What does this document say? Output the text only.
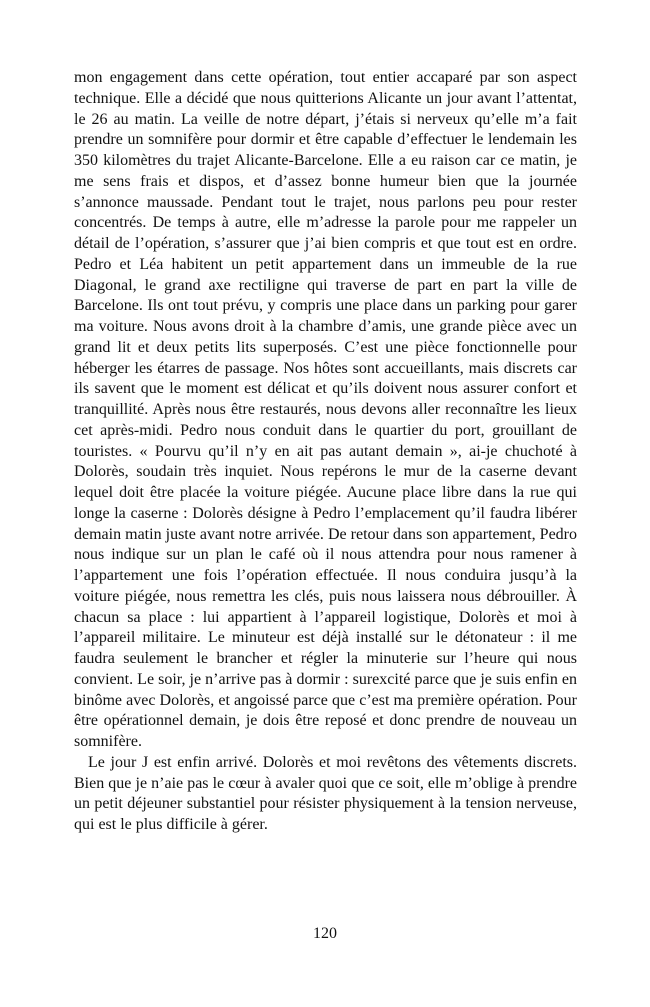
mon engagement dans cette opération, tout entier accaparé par son aspect technique. Elle a décidé que nous quitterions Alicante un jour avant l’attentat, le 26 au matin. La veille de notre départ, j’étais si nerveux qu’elle m’a fait prendre un somnifère pour dormir et être capable d’effectuer le lendemain les 350 kilomètres du trajet Alicante-Barcelone. Elle a eu raison car ce matin, je me sens frais et dispos, et d’assez bonne humeur bien que la journée s’annonce maussade. Pendant tout le trajet, nous parlons peu pour rester concentrés. De temps à autre, elle m’adresse la parole pour me rappeler un détail de l’opération, s’assurer que j’ai bien compris et que tout est en ordre. Pedro et Léa habitent un petit appartement dans un immeuble de la rue Diagonal, le grand axe rectiligne qui traverse de part en part la ville de Barcelone. Ils ont tout prévu, y compris une place dans un parking pour garer ma voiture. Nous avons droit à la chambre d’amis, une grande pièce avec un grand lit et deux petits lits superposés. C’est une pièce fonctionnelle pour héberger les étarres de passage. Nos hôtes sont accueillants, mais discrets car ils savent que le moment est délicat et qu’ils doivent nous assurer confort et tranquillité. Après nous être restaurés, nous devons aller reconnaître les lieux cet après-midi. Pedro nous conduit dans le quartier du port, grouillant de touristes. « Pourvu qu’il n’y en ait pas autant demain », ai-je chuchoté à Dolorès, soudain très inquiet. Nous repérons le mur de la caserne devant lequel doit être placée la voiture piégée. Aucune place libre dans la rue qui longe la caserne : Dolorès désigne à Pedro l’emplacement qu’il faudra libérer demain matin juste avant notre arrivée. De retour dans son appartement, Pedro nous indique sur un plan le café où il nous attendra pour nous ramener à l’appartement une fois l’opération effectuée. Il nous conduira jusqu’à la voiture piégée, nous remettra les clés, puis nous laissera nous débrouiller. À chacun sa place : lui appartient à l’appareil logistique, Dolorès et moi à l’appareil militaire. Le minuteur est déjà installé sur le détonateur : il me faudra seulement le brancher et régler la minuterie sur l’heure qui nous convient. Le soir, je n’arrive pas à dormir : surexcité parce que je suis enfin en binôme avec Dolorès, et angoissé parce que c’est ma première opération. Pour être opérationnel demain, je dois être reposé et donc prendre de nouveau un somnifère.

Le jour J est enfin arrivé. Dolorès et moi revêtons des vêtements discrets. Bien que je n’aie pas le cœur à avaler quoi que ce soit, elle m’oblige à prendre un petit déjeuner substantiel pour résister physiquement à la tension nerveuse, qui est le plus difficile à gérer.

120
